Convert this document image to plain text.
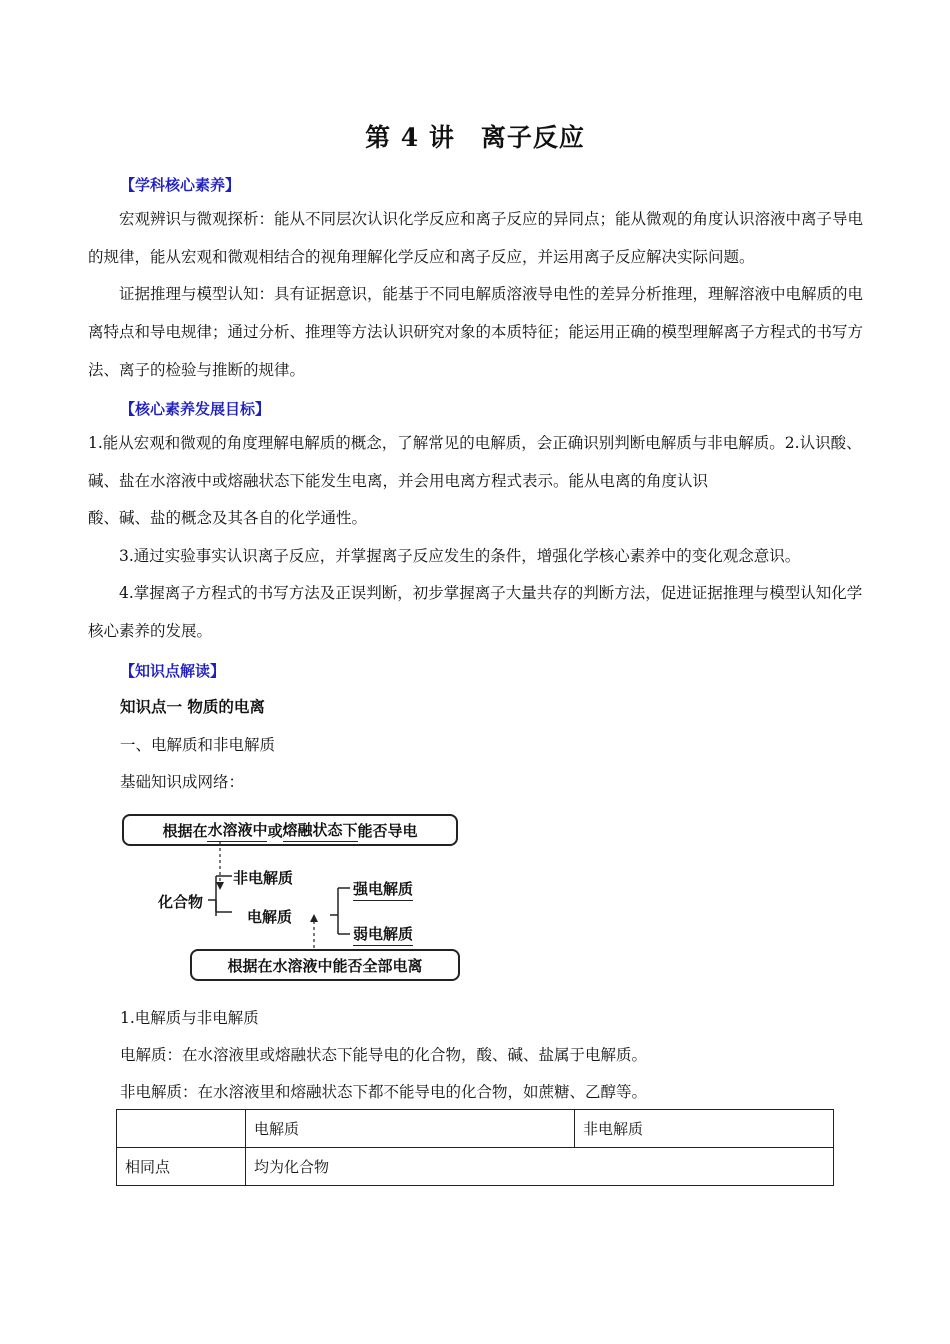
第 4 讲　离子反应
【学科核心素养】

宏观辨识与微观探析：能从不同层次认识化学反应和离子反应的异同点；能从微观的角度认识溶液中离子导电的规律，能从宏观和微观相结合的视角理解化学反应和离子反应，并运用离子反应解决实际问题。

证据推理与模型认知：具有证据意识，能基于不同电解质溶液导电性的差异分析推理，理解溶液中电解质的电离特点和导电规律；通过分析、推理等方法认识研究对象的本质特征；能运用正确的模型理解离子方程式的书写方法、离子的检验与推断的规律。

【核心素养发展目标】

1.能从宏观和微观的角度理解电解质的概念，了解常见的电解质，会正确识别判断电解质与非电解质。2.认识酸、碱、盐在水溶液中或熔融状态下能发生电离，并会用电离方程式表示。能从电离的角度认识

酸、碱、盐的概念及其各自的化学通性。

3.通过实验事实认识离子反应，并掌握离子反应发生的条件，增强化学核心素养中的变化观念意识。

4.掌握离子方程式的书写方法及正误判断，初步掌握离子大量共存的判断方法，促进证据推理与模型认知化学核心素养的发展。

【知识点解读】
知识点一 物质的电离
一、电解质和非电解质
基础知识成网络：
根据在 水溶液中 或 熔融状态下 能否导电
化合物
非电解质
电解质
强电解质
弱电解质
根据在水溶液中能否全部电离
1.电解质与非电解质
电解质：在水溶液里或熔融状态下能导电的化合物，酸、碱、盐属于电解质。
非电解质：在水溶液里和熔融状态下都不能导电的化合物，如蔗糖、乙醇等。
	电解质	非电解质
相同点	均为化合物	
